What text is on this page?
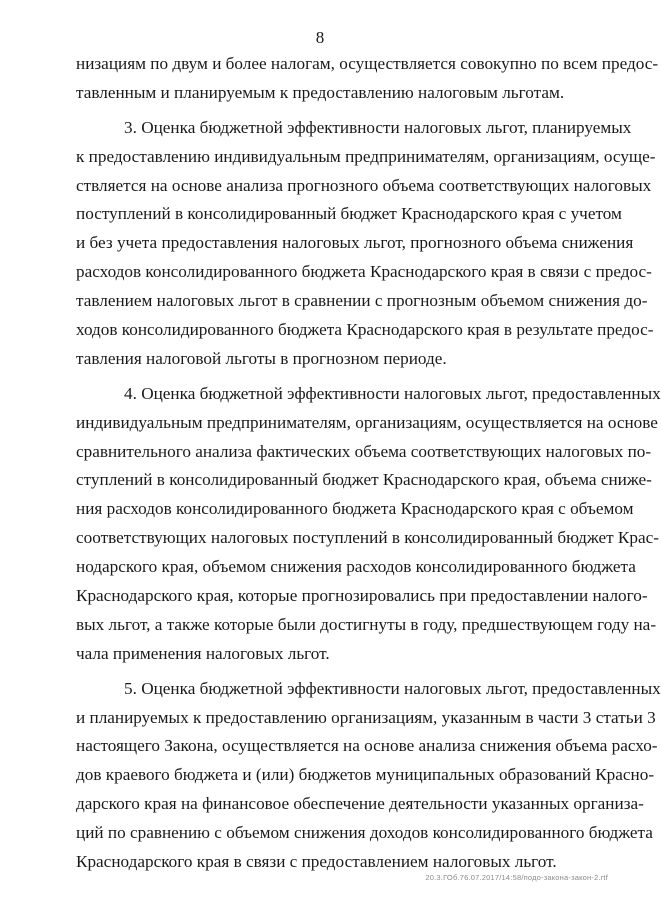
8
низациям по двум и более налогам, осуществляется совокупно по всем предос-
тавленным и планируемым к предоставлению налоговым льготам.
3. Оценка бюджетной эффективности налоговых льгот, планируемых
к предоставлению индивидуальным предпринимателям, организациям, осуще-
ствляется на основе анализа прогнозного объема соответствующих налоговых
поступлений в консолидированный бюджет Краснодарского края с учетом
и без учета предоставления налоговых льгот, прогнозного объема снижения
расходов консолидированного бюджета Краснодарского края в связи с предос-
тавлением налоговых льгот в сравнении с прогнозным объемом снижения до-
ходов консолидированного бюджета Краснодарского края в результате предос-
тавления налоговой льготы в прогнозном периоде.
4. Оценка бюджетной эффективности налоговых льгот, предоставленных
индивидуальным предпринимателям, организациям, осуществляется на основе
сравнительного анализа фактических объема соответствующих налоговых по-
ступлений в консолидированный бюджет Краснодарского края, объема сниже-
ния расходов консолидированного бюджета Краснодарского края с объемом
соответствующих налоговых поступлений в консолидированный бюджет Крас-
нодарского края, объемом снижения расходов консолидированного бюджета
Краснодарского края, которые прогнозировались при предоставлении налого-
вых льгот, а также которые были достигнуты в году, предшествующем году на-
чала применения налоговых льгот.
5. Оценка бюджетной эффективности налоговых льгот, предоставленных
и планируемых к предоставлению организациям, указанным в части 3 статьи 3
настоящего Закона, осуществляется на основе анализа снижения объема расхо-
дов краевого бюджета и (или) бюджетов муниципальных образований Красно-
дарского края на финансовое обеспечение деятельности указанных организа-
ций по сравнению с объемом снижения доходов консолидированного бюджета
Краснодарского края в связи с предоставлением налоговых льгот.
20.3.ГОб.76.07.2017/14:58/подо-закона-закон-2.rtf
